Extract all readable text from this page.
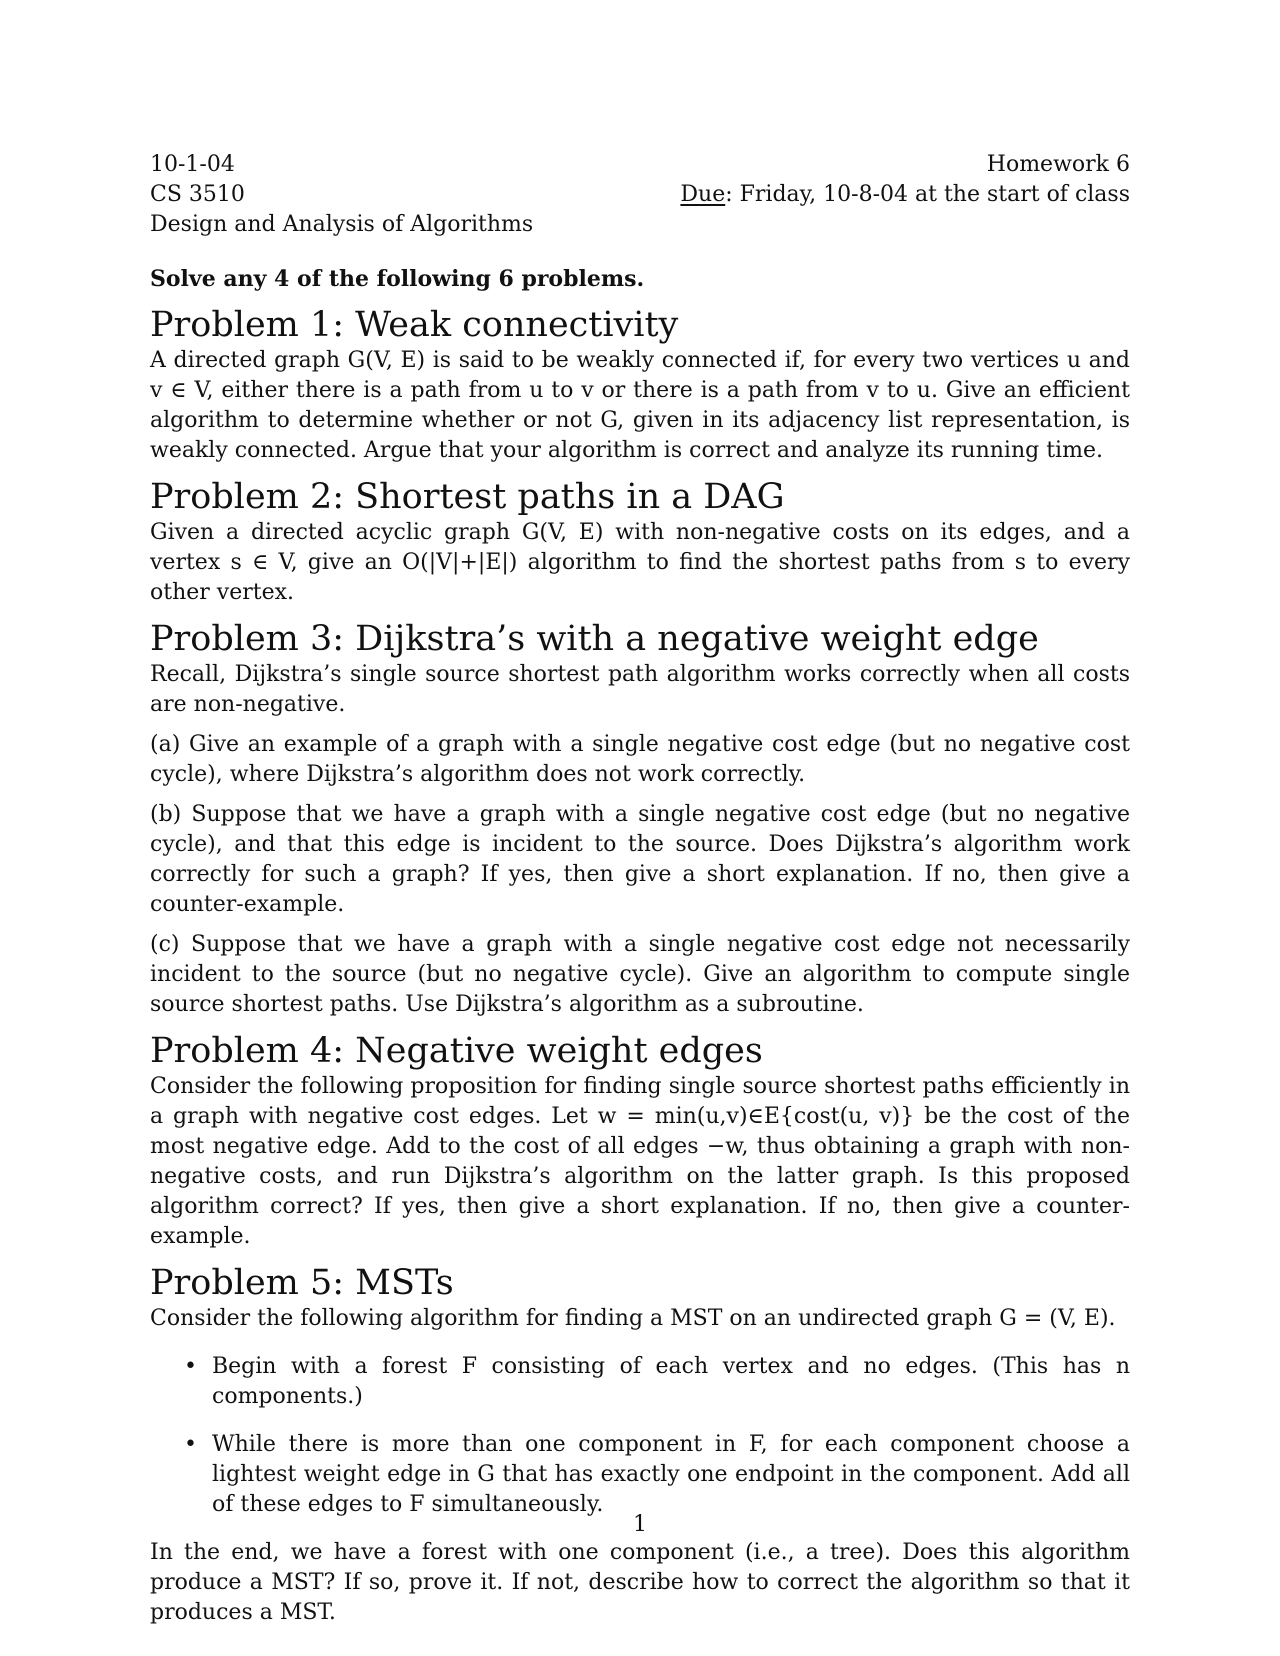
10-1-04
CS 3510
Design and Analysis of Algorithms
Homework 6
Due: Friday, 10-8-04 at the start of class
Solve any 4 of the following 6 problems.
Problem 1: Weak connectivity

A directed graph G(V, E) is said to be weakly connected if, for every two vertices u and v ∈ V, either there is a path from u to v or there is a path from v to u. Give an efficient algorithm to determine whether or not G, given in its adjacency list representation, is weakly connected. Argue that your algorithm is correct and analyze its running time.

Problem 2: Shortest paths in a DAG

Given a directed acyclic graph G(V, E) with non-negative costs on its edges, and a vertex s ∈ V, give an O(|V|+|E|) algorithm to find the shortest paths from s to every other vertex.

Problem 3: Dijkstra’s with a negative weight edge

Recall, Dijkstra’s single source shortest path algorithm works correctly when all costs are non-negative.

(a) Give an example of a graph with a single negative cost edge (but no negative cost cycle), where Dijkstra’s algorithm does not work correctly.

(b) Suppose that we have a graph with a single negative cost edge (but no negative cycle), and that this edge is incident to the source. Does Dijkstra’s algorithm work correctly for such a graph? If yes, then give a short explanation. If no, then give a counter-example.

(c) Suppose that we have a graph with a single negative cost edge not necessarily incident to the source (but no negative cycle). Give an algorithm to compute single source shortest paths. Use Dijkstra’s algorithm as a subroutine.

Problem 4: Negative weight edges

Consider the following proposition for finding single source shortest paths efficiently in a graph with negative cost edges. Let w = min(u,v)∈E{cost(u, v)} be the cost of the most negative edge. Add to the cost of all edges −w, thus obtaining a graph with non-negative costs, and run Dijkstra’s algorithm on the latter graph. Is this proposed algorithm correct? If yes, then give a short explanation. If no, then give a counter-example.

Problem 5: MSTs

Consider the following algorithm for finding a MST on an undirected graph G = (V, E).

• Begin with a forest F consisting of each vertex and no edges. (This has n components.)
• While there is more than one component in F, for each component choose a lightest weight edge in G that has exactly one endpoint in the component. Add all of these edges to F simultaneously.

In the end, we have a forest with one component (i.e., a tree). Does this algorithm produce a MST? If so, prove it. If not, describe how to correct the algorithm so that it produces a MST.

1
